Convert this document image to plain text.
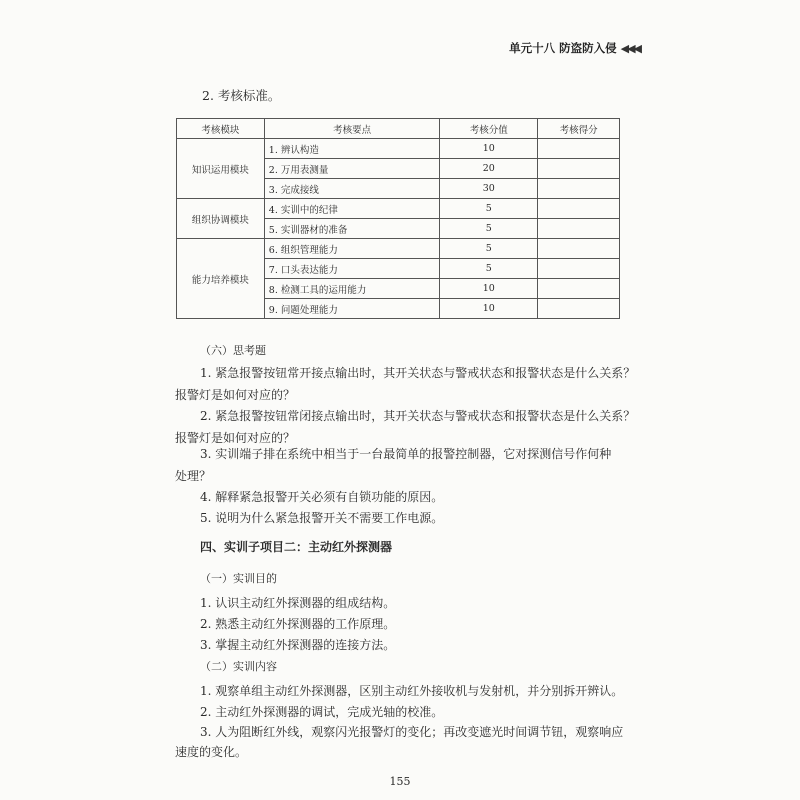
单元十八 防盗防入侵 ◀◀◀
2. 考核标准。
考核模块	考核要点	考核分值	考核得分
知识运用模块	1. 辨认构造	10	
	2. 万用表测量	20	
	3. 完成接线	30	
组织协调模块	4. 实训中的纪律	5	
	5. 实训器材的准备	5	
能力培养模块	6. 组织管理能力	5	
	7. 口头表达能力	5	
	8. 检测工具的运用能力	10	
	9. 问题处理能力	10	
（六）思考题
1. 紧急报警按钮常开接点输出时，其开关状态与警戒状态和报警状态是什么关系？
报警灯是如何对应的？
2. 紧急报警按钮常闭接点输出时，其开关状态与警戒状态和报警状态是什么关系？
报警灯是如何对应的？
3. 实训端子排在系统中相当于一台最简单的报警控制器，它对探测信号作何种
处理？
4. 解释紧急报警开关必须有自锁功能的原因。
5. 说明为什么紧急报警开关不需要工作电源。
四、实训子项目二：主动红外探测器
（一）实训目的
1. 认识主动红外探测器的组成结构。
2. 熟悉主动红外探测器的工作原理。
3. 掌握主动红外探测器的连接方法。
（二）实训内容
1. 观察单组主动红外探测器，区别主动红外接收机与发射机，并分别拆开辨认。
2. 主动红外探测器的调试，完成光轴的校准。
3. 人为阻断红外线，观察闪光报警灯的变化；再改变遮光时间调节钮，观察响应
速度的变化。
155
